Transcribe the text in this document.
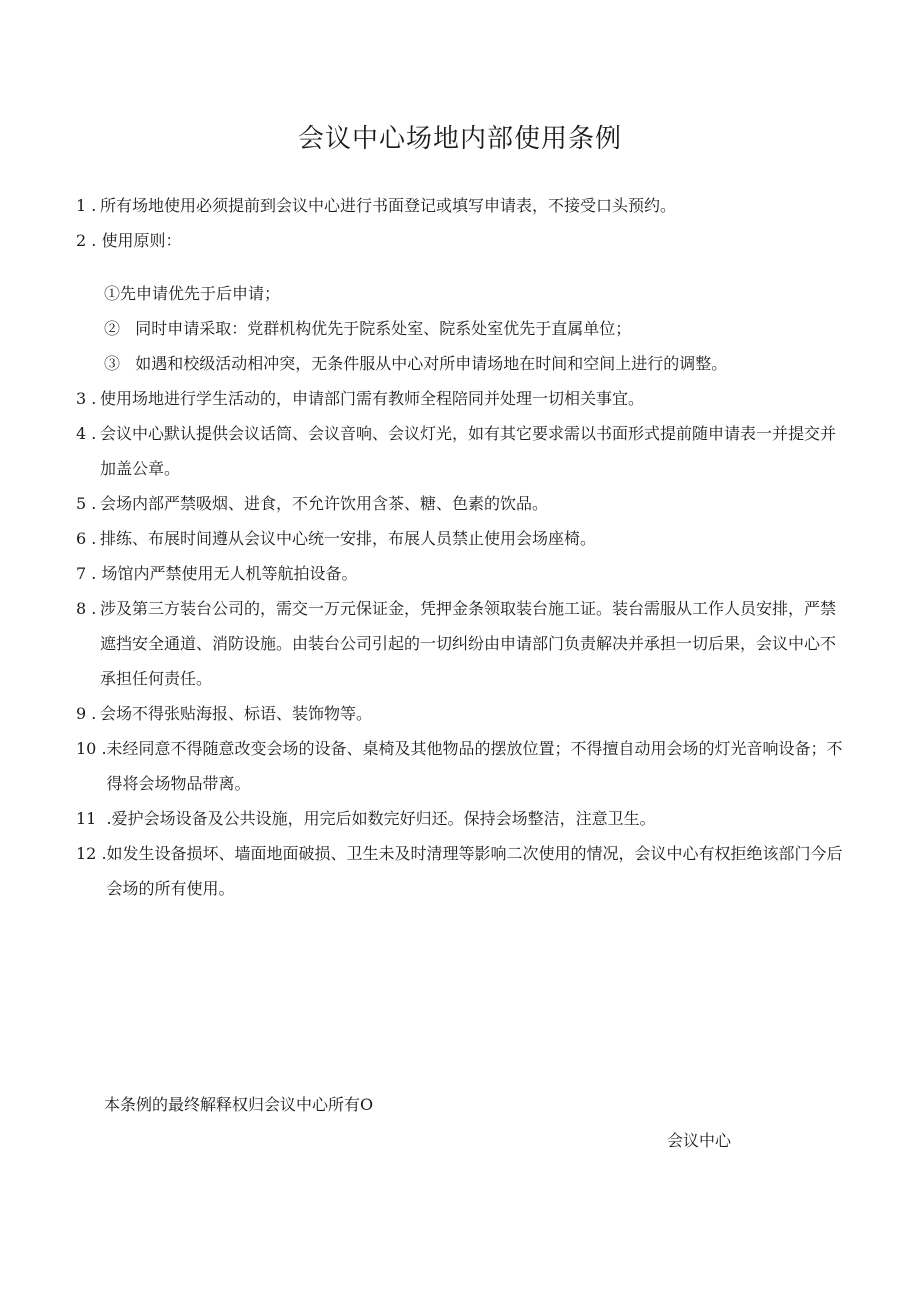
会议中心场地内部使用条例
1 . 所有场地使用必须提前到会议中心进行书面登记或填写申请表，不接受口头预约。
2 . 使用原则：
①先申请优先于后申请；
②   同时申请采取：党群机构优先于院系处室、院系处室优先于直属单位；
③   如遇和校级活动相冲突，无条件服从中心对所申请场地在时间和空间上进行的调整。
3 . 使用场地进行学生活动的，申请部门需有教师全程陪同并处理一切相关事宜。
4 . 会议中心默认提供会议话筒、会议音响、会议灯光，如有其它要求需以书面形式提前随申请表一并提交并加盖公章。
5 . 会场内部严禁吸烟、进食，不允许饮用含茶、糖、色素的饮品。
6 . 排练、布展时间遵从会议中心统一安排，布展人员禁止使用会场座椅。
7 . 场馆内严禁使用无人机等航拍设备。
8 . 涉及第三方装台公司的，需交一万元保证金，凭押金条领取装台施工证。装台需服从工作人员安排，严禁遮挡安全通道、消防设施。由装台公司引起的一切纠纷由申请部门负责解决并承担一切后果，会议中心不承担任何责任。
9 . 会场不得张贴海报、标语、装饰物等。
10 . 未经同意不得随意改变会场的设备、桌椅及其他物品的摆放位置；不得擅自动用会场的灯光音响设备；不得将会场物品带离。
11  . 爱护会场设备及公共设施，用完后如数完好归还。保持会场整洁，注意卫生。
12 . 如发生设备损坏、墙面地面破损、卫生未及时清理等影响二次使用的情况，会议中心有权拒绝该部门今后会场的所有使用。
本条例的最终解释权归会议中心所有O
会议中心
